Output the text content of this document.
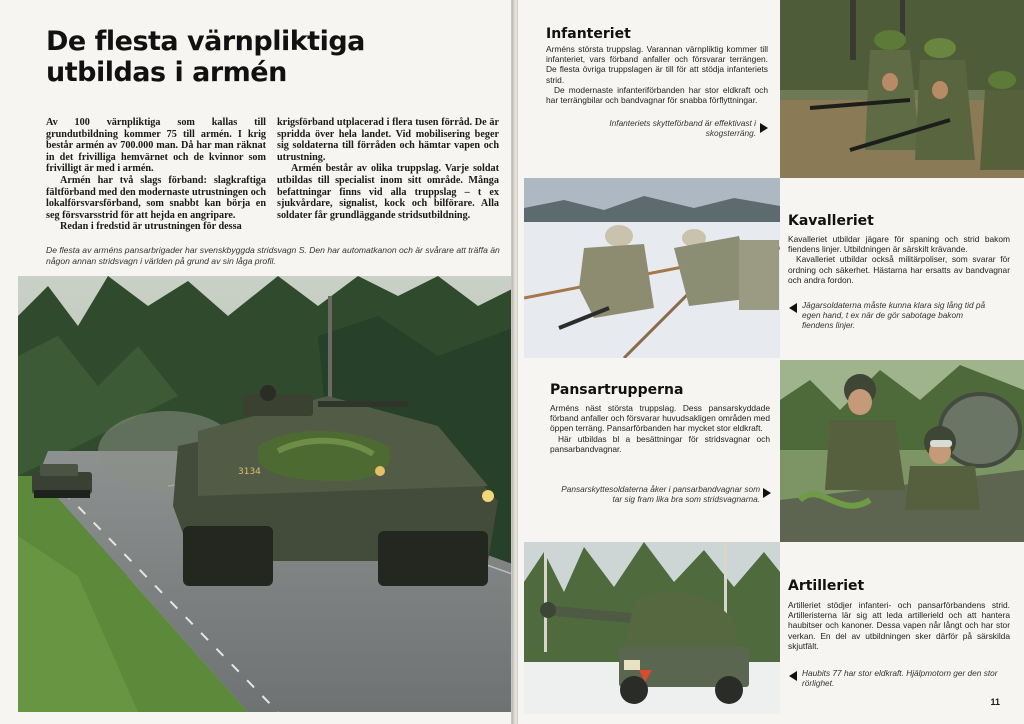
De flesta värnpliktiga utbildas i armén

Av 100 värnpliktiga som kallas till grundutbildning kommer 75 till armén. I krig består armén av 700.000 man. Då har man räknat in det frivilliga hemvärnet och de kvinnor som frivilligt är med i armén.

Armén har två slags förband: slagkraftiga fältförband med den modernaste utrustningen och lokalförsvarsförband, som snabbt kan börja en seg försvarsstrid för att hejda en angripare.

Redan i fredstid är utrustningen för dessa

krigsförband utplacerad i flera tusen förråd. De är spridda över hela landet. Vid mobilisering beger sig soldaterna till förråden och hämtar vapen och utrustning.

Armén består av olika truppslag. Varje soldat utbildas till specialist inom sitt område. Många befattningar finns vid alla truppslag – t ex sjukvårdare, signalist, kock och bilförare. Alla soldater får grundläggande stridsutbildning.

De flesta av arméns pansarbrigader har svenskbyggda stridsvagn S. Den har automatkanon och är svårare att träffa än någon annan stridsvagn i världen på grund av sin låga profil.

3134
Infanteriet

Arméns största truppslag. Varannan värnpliktig kommer till infanteriet, vars förband anfaller och försvarar terrängen. De flesta övriga truppslagen är till för att stödja infanteriets strid.

De modernaste infanteriförbanden har stor eldkraft och har terrängbilar och bandvagnar för snabba förflyttningar.

Infanteriets skytteförband är effektivast i skogsterräng.

Kavalleriet

Kavalleriet utbildar jägare för spaning och strid bakom fiendens linjer. Utbildningen är särskilt krävande.

Kavalleriet utbildar också militärpoliser, som svarar för ordning och säkerhet. Hästarna har ersatts av bandvagnar och andra fordon.

Jägarsoldaterna måste kunna klara sig lång tid på egen hand, t ex när de gör sabotage bakom fiendens linjer.

Pansartrupperna

Arméns näst största truppslag. Dess pansarskyddade förband anfaller och försvarar huvudsakligen områden med öppen terräng. Pansarförbanden har mycket stor eldkraft.

Här utbildas bl a besättningar för stridsvagnar och pansarbandvagnar.

Pansarskyttesoldaterna åker i pansarbandvagnar som tar sig fram lika bra som stridsvagnarna.

Artilleriet

Artilleriet stödjer infanteri- och pansarförbandens strid. Artilleristerna lär sig att leda artillerield och att hantera haubitser och kanoner. Dessa vapen når långt och har stor verkan. En del av utbildningen sker därför på särskilda skjutfält.

Haubits 77 har stor eldkraft. Hjälpmotorn ger den stor rörlighet.

11
